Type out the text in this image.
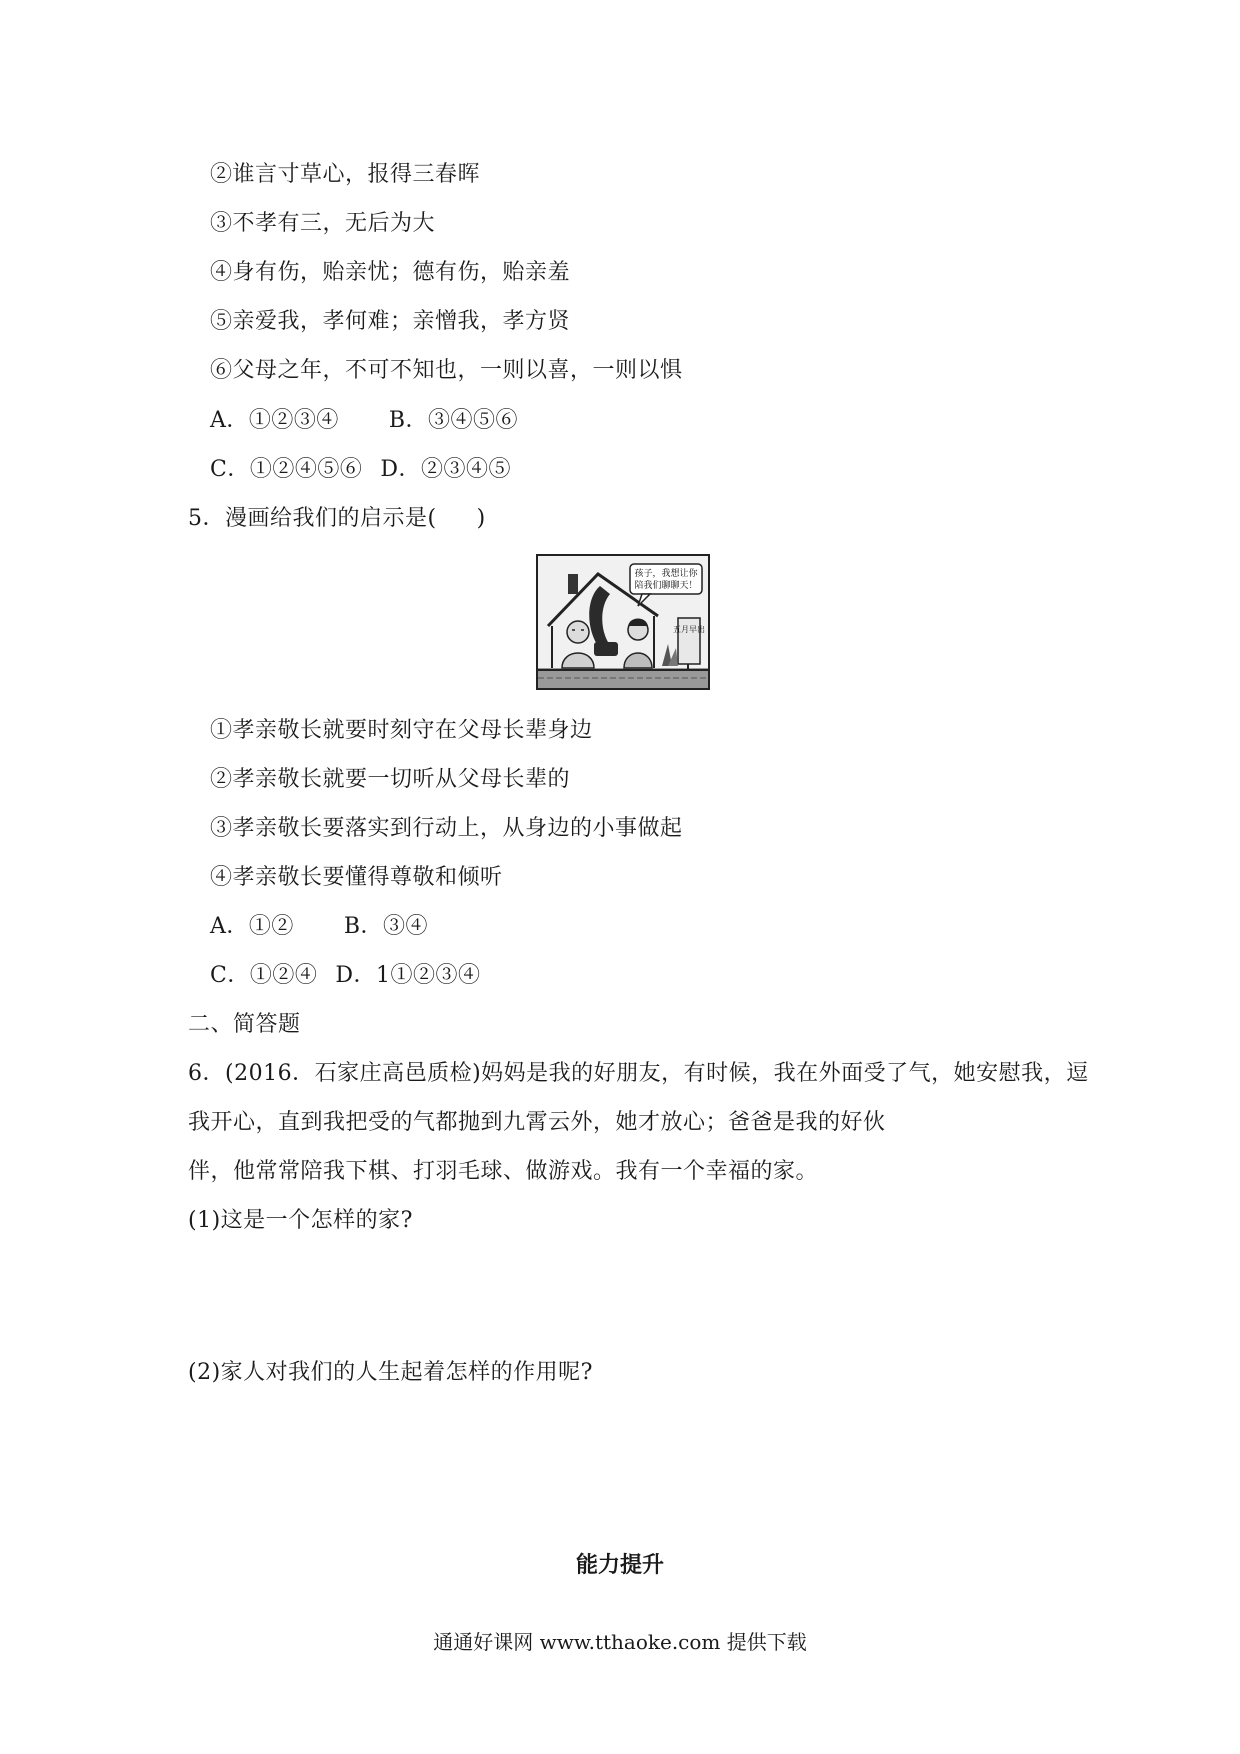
②谁言寸草心，报得三春晖
③不孝有三，无后为大
④身有伤，贻亲忧；德有伤，贻亲羞
⑤亲爱我，孝何难；亲憎我，孝方贤
⑥父母之年，不可不知也，一则以喜，一则以惧
A．①②③④ B．③④⑤⑥
C．①②④⑤⑥ D．②③④⑤
5．漫画给我们的启示是( )
孩子，我想让你
陪我们聊聊天！
五月早出
①孝亲敬长就要时刻守在父母长辈身边
②孝亲敬长就要一切听从父母长辈的
③孝亲敬长要落实到行动上，从身边的小事做起
④孝亲敬长要懂得尊敬和倾听
A．①② B．③④
C．①②④ D．1①②③④
二、简答题
6．(2016．石家庄高邑质检)妈妈是我的好朋友，有时候，我在外面受了气，她安慰我，逗
我开心，直到我把受的气都抛到九霄云外，她才放心；爸爸是我的好伙
伴，他常常陪我下棋、打羽毛球、做游戏。我有一个幸福的家。
(1)这是一个怎样的家?
(2)家人对我们的人生起着怎样的作用呢?
能力提升
通通好课网 www.tthaoke.com 提供下载
